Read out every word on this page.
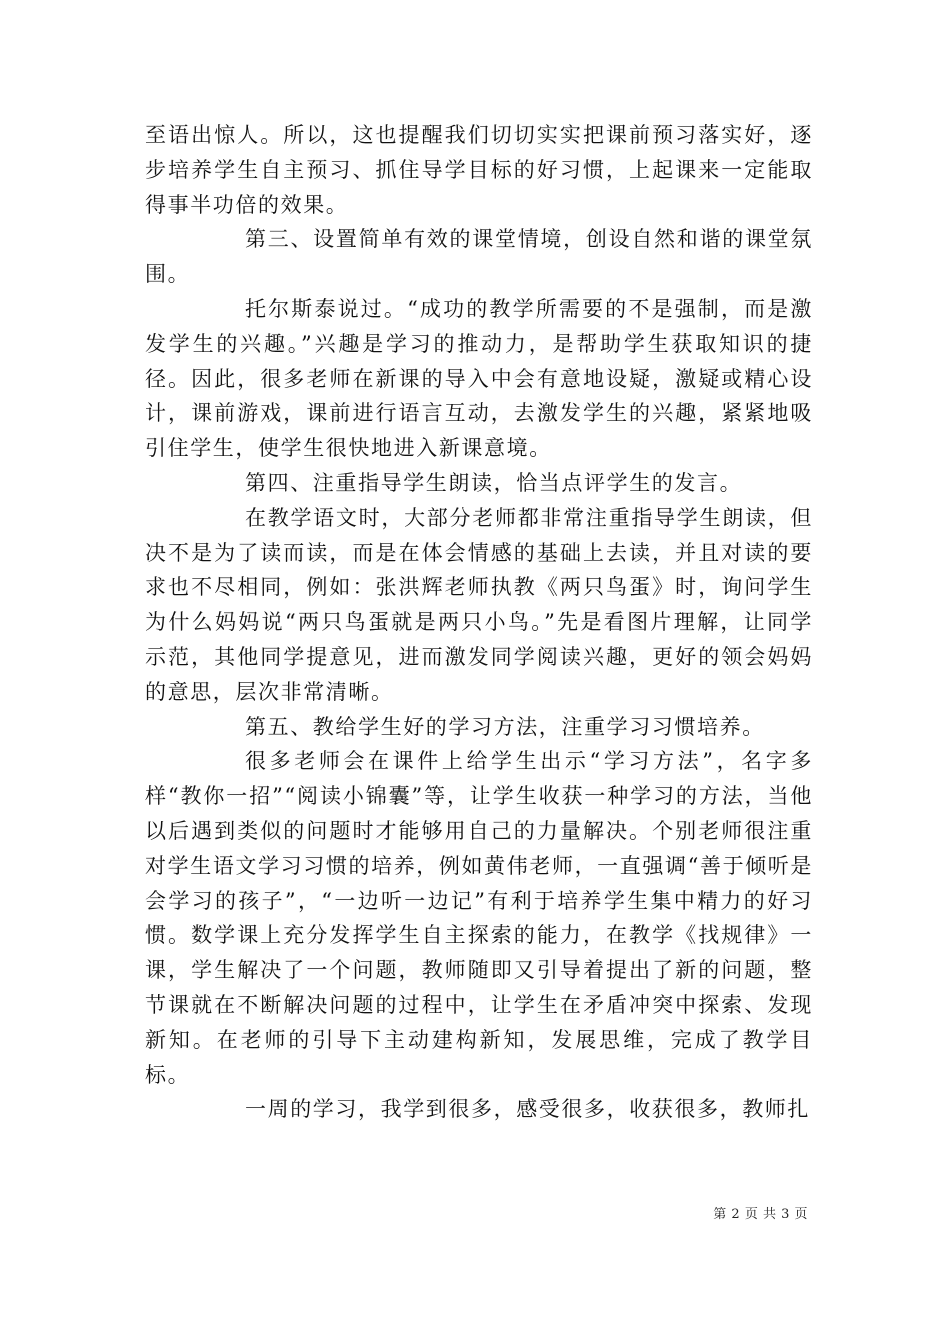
至语出惊人。所以，这也提醒我们切切实实把课前预习落实好，逐步培养学生自主预习、抓住导学目标的好习惯，上起课来一定能取得事半功倍的效果。

第三、设置简单有效的课堂情境，创设自然和谐的课堂氛围。

托尔斯泰说过。“成功的教学所需要的不是强制，而是激发学生的兴趣。”兴趣是学习的推动力，是帮助学生获取知识的捷径。因此，很多老师在新课的导入中会有意地设疑，激疑或精心设计，课前游戏，课前进行语言互动，去激发学生的兴趣，紧紧地吸引住学生，使学生很快地进入新课意境。

第四、注重指导学生朗读，恰当点评学生的发言。

在教学语文时，大部分老师都非常注重指导学生朗读，但决不是为了读而读，而是在体会情感的基础上去读，并且对读的要求也不尽相同，例如：张洪辉老师执教《两只鸟蛋》时，询问学生为什么妈妈说“两只鸟蛋就是两只小鸟。”先是看图片理解，让同学示范，其他同学提意见，进而激发同学阅读兴趣，更好的领会妈妈的意思，层次非常清晰。

第五、教给学生好的学习方法，注重学习习惯培养。

很多老师会在课件上给学生出示“学习方法”，名字多样“教你一招”“阅读小锦囊”等，让学生收获一种学习的方法，当他以后遇到类似的问题时才能够用自己的力量解决。个别老师很注重对学生语文学习习惯的培养，例如黄伟老师，一直强调“善于倾听是会学习的孩子”，“一边听一边记”有利于培养学生集中精力的好习惯。数学课上充分发挥学生自主探索的能力，在教学《找规律》一课，学生解决了一个问题，教师随即又引导着提出了新的问题，整节课就在不断解决问题的过程中，让学生在矛盾冲突中探索、发现新知。在老师的引导下主动建构新知，发展思维，完成了教学目标。

一周的学习，我学到很多，感受很多，收获很多，教师扎

第 2 页 共 3 页
